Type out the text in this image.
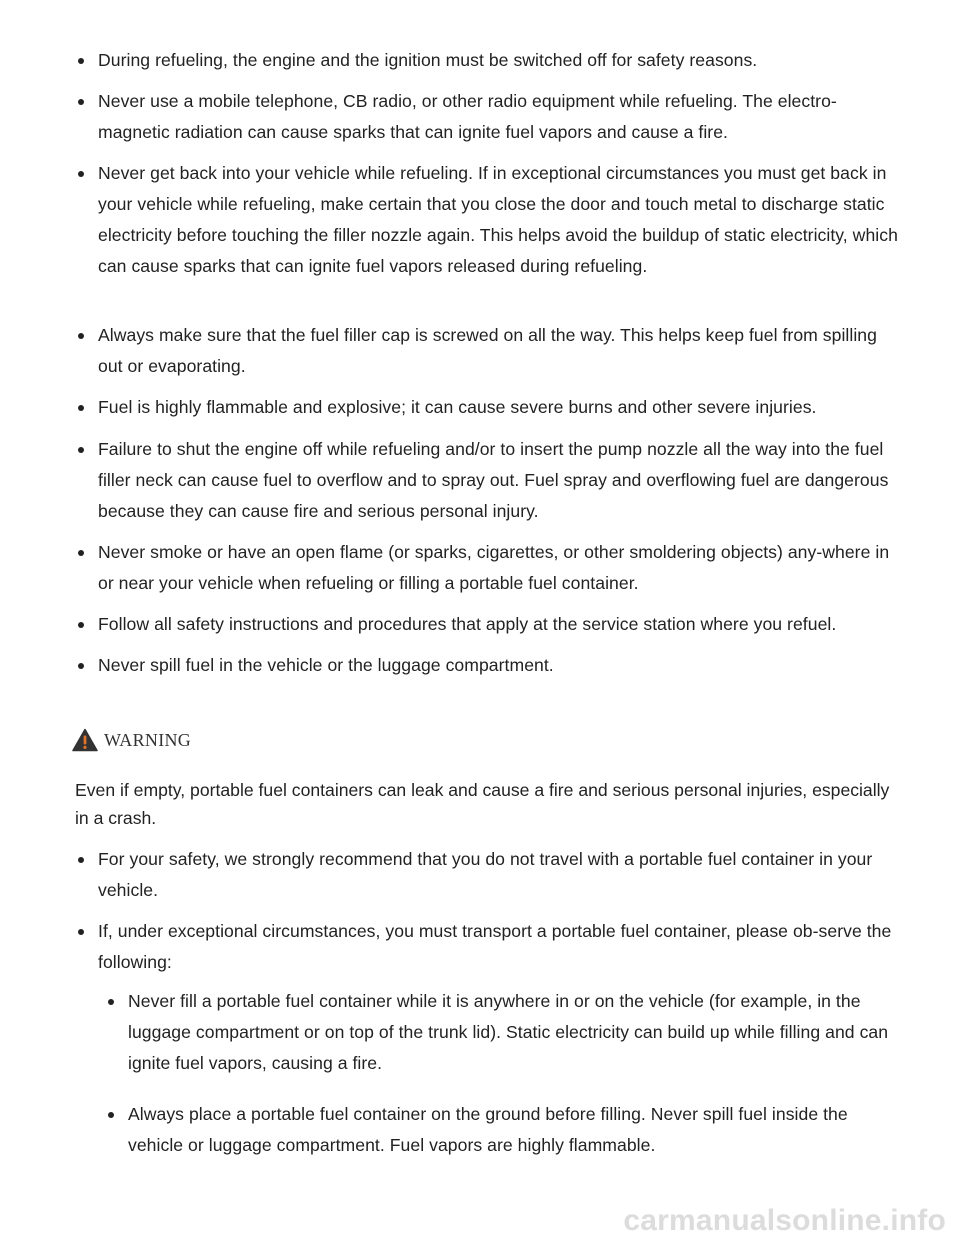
During refueling, the engine and the ignition must be switched off for safety reasons.
Never use a mobile telephone, CB radio, or other radio equipment while refueling. The electro-magnetic radiation can cause sparks that can ignite fuel vapors and cause a fire.
Never get back into your vehicle while refueling. If in exceptional circumstances you must get back in your vehicle while refueling, make certain that you close the door and touch metal to discharge static electricity before touching the filler nozzle again. This helps avoid the buildup of static electricity, which can cause sparks that can ignite fuel vapors released during refueling.
Always make sure that the fuel filler cap is screwed on all the way. This helps keep fuel from spilling out or evaporating.
Fuel is highly flammable and explosive; it can cause severe burns and other severe injuries.
Failure to shut the engine off while refueling and/or to insert the pump nozzle all the way into the fuel filler neck can cause fuel to overflow and to spray out. Fuel spray and overflowing fuel are dangerous because they can cause fire and serious personal injury.
Never smoke or have an open flame (or sparks, cigarettes, or other smoldering objects) any-where in or near your vehicle when refueling or filling a portable fuel container.
Follow all safety instructions and procedures that apply at the service station where you refuel.
Never spill fuel in the vehicle or the luggage compartment.
WARNING

Even if empty, portable fuel containers can leak and cause a fire and serious personal injuries, especially in a crash.

For your safety, we strongly recommend that you do not travel with a portable fuel container in your vehicle.
If, under exceptional circumstances, you must transport a portable fuel container, please ob-serve the following:
Never fill a portable fuel container while it is anywhere in or on the vehicle (for example, in the luggage compartment or on top of the trunk lid). Static electricity can build up while filling and can ignite fuel vapors, causing a fire.
Always place a portable fuel container on the ground before filling. Never spill fuel inside the vehicle or luggage compartment. Fuel vapors are highly flammable.
carmanualsonline.info
